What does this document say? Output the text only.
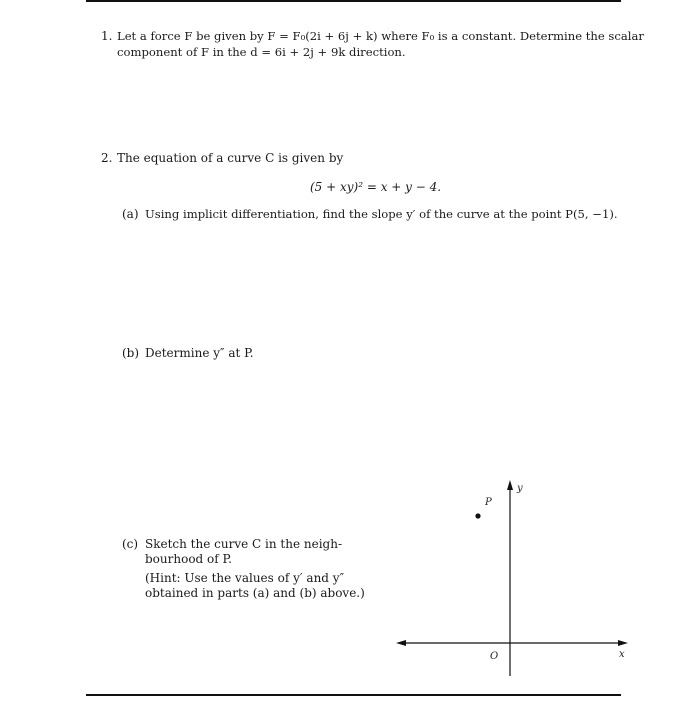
1. Let a force F be given by F = F₀(2i + 6j + k) where F₀ is a constant. Determine the scalar
component of F in the d = 6i + 2j + 9k direction.
2. The equation of a curve C is given by
(5 + xy)² = x + y − 4.
(a) Using implicit differentiation, find the slope y′ of the curve at the point P(5, −1).
(b) Determine y″ at P.
(c) Sketch the curve C in the neigh-
bourhood of P.
(Hint: Use the values of y′ and y″
obtained in parts (a) and (b) above.)
P
y
x
O
